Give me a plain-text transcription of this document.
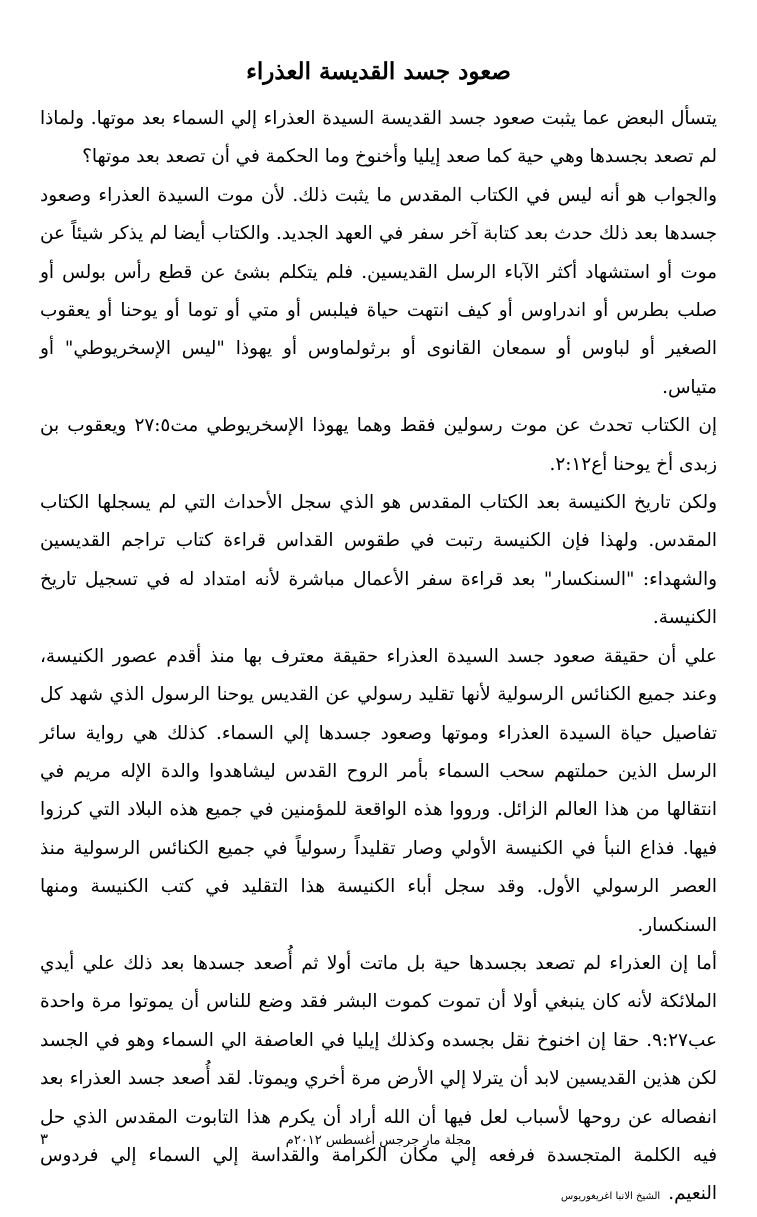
صعود جسد القديسة العذراء

يتسأل البعض عما يثبت صعود جسد القديسة السيدة العذراء إلي السماء بعد موتها. ولماذا لم تصعد بجسدها وهي حية كما صعد إيليا وأخنوخ وما الحكمة في أن تصعد بعد موتها؟

والجواب هو أنه ليس في الكتاب المقدس ما يثبت ذلك. لأن موت السيدة العذراء وصعود جسدها بعد ذلك حدث بعد كتابة آخر سفر في العهد الجديد. والكتاب أيضا لم يذكر شيئاً عن موت أو استشهاد أكثر الآباء الرسل القديسين. فلم يتكلم بشئ عن قطع رأس بولس أو صلب بطرس أو اندراوس أو كيف انتهت حياة فيلبس أو متي أو توما أو يوحنا أو يعقوب الصغير أو لباوس أو سمعان القانوى أو برثولماوس أو يهوذا "ليس الإسخريوطي" أو متياس.

إن الكتاب تحدث عن موت رسولين فقط وهما يهوذا الإسخريوطي مت٢٧:٥ ويعقوب بن زبدى أخ يوحنا أع٢:١٢.

ولكن تاريخ الكنيسة بعد الكتاب المقدس هو الذي سجل الأحداث التي لم يسجلها الكتاب المقدس. ولهذا فإن الكنيسة رتبت في طقوس القداس قراءة كتاب تراجم القديسين والشهداء: "السنكسار" بعد قراءة سفر الأعمال مباشرة لأنه امتداد له في تسجيل تاريخ الكنيسة.

علي أن حقيقة صعود جسد السيدة العذراء حقيقة معترف بها منذ أقدم عصور الكنيسة، وعند جميع الكنائس الرسولية لأنها تقليد رسولي عن القديس يوحنا الرسول الذي شهد كل تفاصيل حياة السيدة العذراء وموتها وصعود جسدها إلي السماء. كذلك هي رواية سائر الرسل الذين حملتهم سحب السماء بأمر الروح القدس ليشاهدوا والدة الإله مريم في انتقالها من هذا العالم الزائل. ورووا هذه الواقعة للمؤمنين في جميع هذه البلاد التي كرزوا فيها. فذاع النبأ في الكنيسة الأولي وصار تقليداً رسولياً في جميع الكنائس الرسولية منذ العصر الرسولي الأول. وقد سجل أباء الكنيسة هذا التقليد في كتب الكنيسة ومنها السنكسار.

أما إن العذراء لم تصعد بجسدها حية بل ماتت أولا ثم أُصعد جسدها بعد ذلك علي أيدي الملائكة لأنه كان ينبغي أولا أن تموت كموت البشر فقد وضع للناس أن يموتوا مرة واحدة عب٩:٢٧. حقا إن اخنوخ نقل بجسده وكذلك إيليا في العاصفة الي السماء وهو في الجسد لكن هذين القديسين لابد أن يترلا إلي الأرض مرة أخري ويموتا. لقد أُصعد جسد العذراء بعد انفصاله عن روحها لأسباب لعل فيها أن الله أراد أن يكرم هذا التابوت المقدس الذي حل فيه الكلمة المتجسدة فرفعه إلي مكان الكرامة والقداسة إلي السماء إلي فردوس النعيم.الشيخ الانبا اغريغوريوس

مجلة مار جرجس أغسطس ٢٠١٢م
٣
